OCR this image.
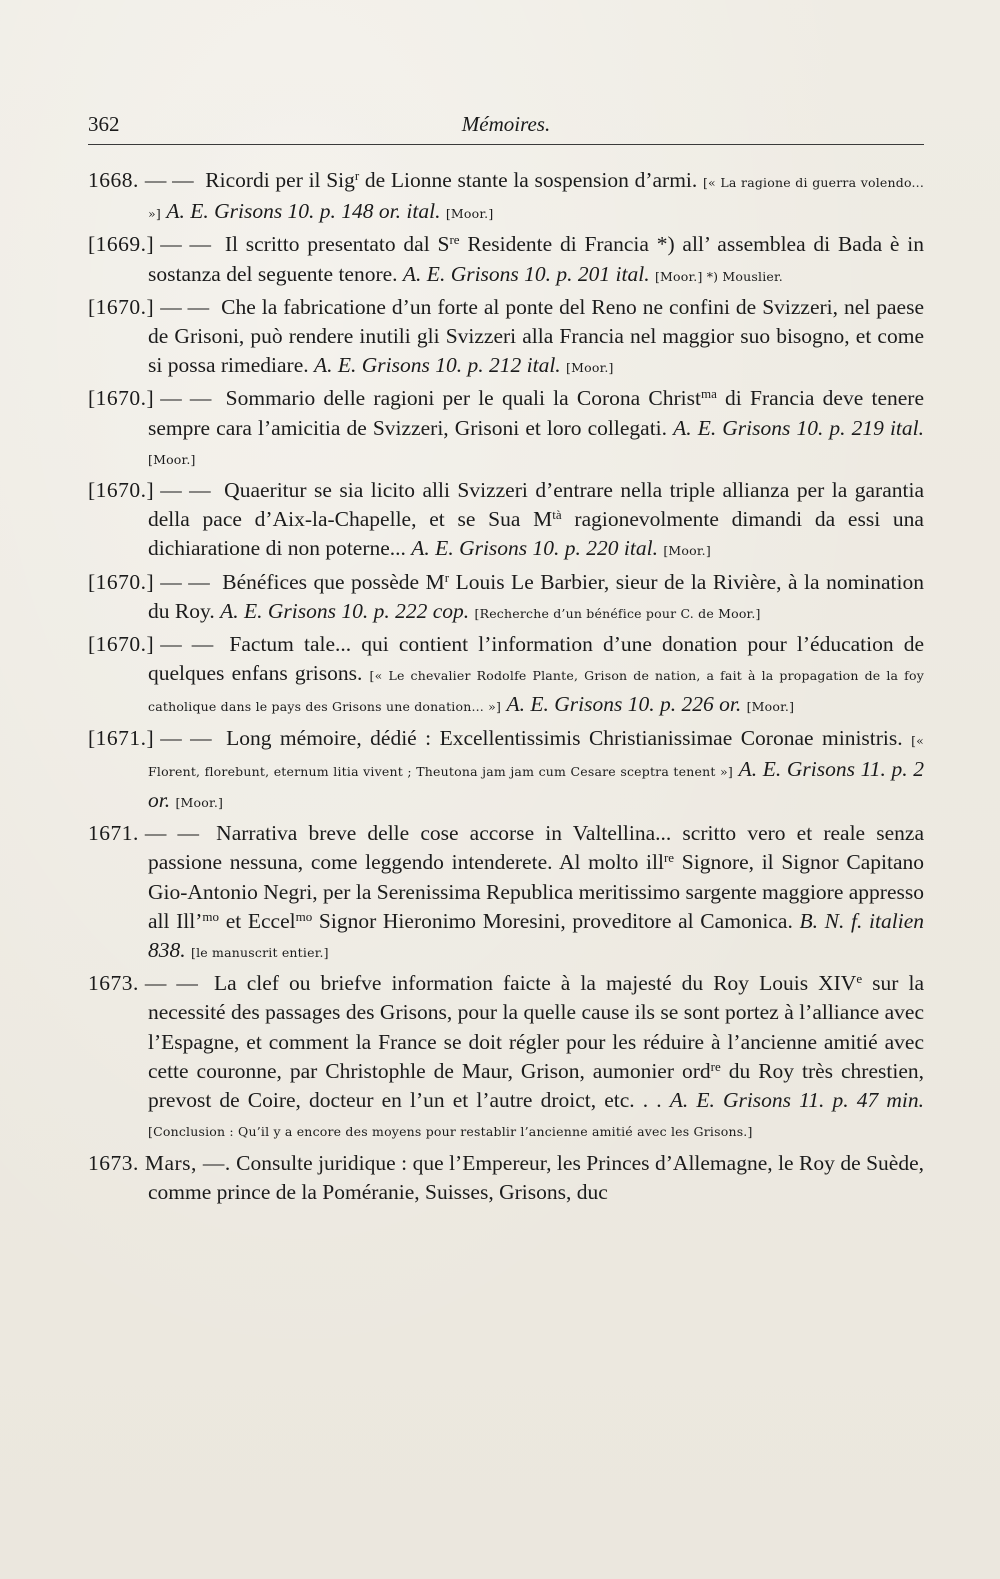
362	Mémoires.

1668. — — Ricordi per il Sig$^r$ de Lionne stante la sospension d’armi. [« La ragione di guerra volendo... »] A. E. Grisons 10. p. 148 or. ital. [Moor.]

[1669.] — — Il scritto presentato dal $S^{re}$ Residente di Francia *) all’ assemblea di Bada è in sostanza del seguente tenore. A. E. Grisons 10. p. 201 ital. [Moor.] *) Mouslier.

[1670.] — — Che la fabricatione d’un forte al ponte del Reno ne confini de Svizzeri, nel paese de Grisoni, può rendere inutili gli Svizzeri alla Francia nel maggior suo bisogno, et come si possa rimediare. A. E. Grisons 10. p. 212 ital. [Moor.]

[1670.] — — Sommario delle ragioni per le quali la Corona Christ$^{ma}$ di Francia deve tenere sempre cara l’amicitia de Svizzeri, Grisoni et loro collegati. A. E. Grisons 10. p. 219 ital. [Moor.]

[1670.] — — Quaeritur se sia licito alli Svizzeri d’entrare nella triple allianza per la garantia della pace d’Aix-la-Chapelle, et se Sua $M^{tà}$ ragionevolmente dimandi da essi una dichiaratione di non poterne... A. E. Grisons 10. p. 220 ital. [Moor.]

[1670.] — — Bénéfices que possède $M^r$ Louis Le Barbier, sieur de la Rivière, à la nomination du Roy. A. E. Grisons 10. p. 222 cop. [Recherche d’un bénéfice pour C. de Moor.]

[1670.] — — Factum tale... qui contient l’information d’une donation pour l’éducation de quelques enfans grisons. [« Le chevalier Rodolfe Plante, Grison de nation, a fait à la propagation de la foy catholique dans le pays des Grisons une donation... »] A. E. Grisons 10. p. 226 or. [Moor.]

[1671.] — — Long mémoire, dédié : Excellentissimis Christianissimae Coronae ministris. [« Florent, florebunt, eternum litia vivent ; Theutona jam jam cum Cesare sceptra tenent »] A. E. Grisons 11. p. 2 or. [Moor.]

1671. — — Narrativa breve delle cose accorse in Valtellina... scritto vero et reale senza passione nessuna, come leggendo intenderete. Al molto ill$^{re}$ Signore, il Signor Capitano Gio-Antonio Negri, per la Serenissima Republica meritissimo sargente maggiore appresso all Ill’$^{mo}$ et Eccel$^{mo}$ Signor Hieronimo Moresini, proveditore al Camonica. B. N. f. italien 838. [le manuscrit entier.]

1673. — — La clef ou briefve information faicte à la majesté du Roy Louis XIVe sur la necessité des passages des Grisons, pour la quelle cause ils se sont portez à l’alliance avec l’Espagne, et comment la France se doit régler pour les réduire à l’ancienne amitié avec cette couronne, par Christophle de Maur, Grison, aumonier ord$^{re}$ du Roy très chrestien, prevost de Coire, docteur en l’un et l’autre droict, etc. . . A. E. Grisons 11. p. 47 min. [Conclusion : Qu’il y a encore des moyens pour restablir l’ancienne amitié avec les Grisons.]

1673. Mars, —. Consulte juridique : que l’Empereur, les Princes d’Allemagne, le Roy de Suède, comme prince de la Poméranie, Suisses, Grisons, duc
